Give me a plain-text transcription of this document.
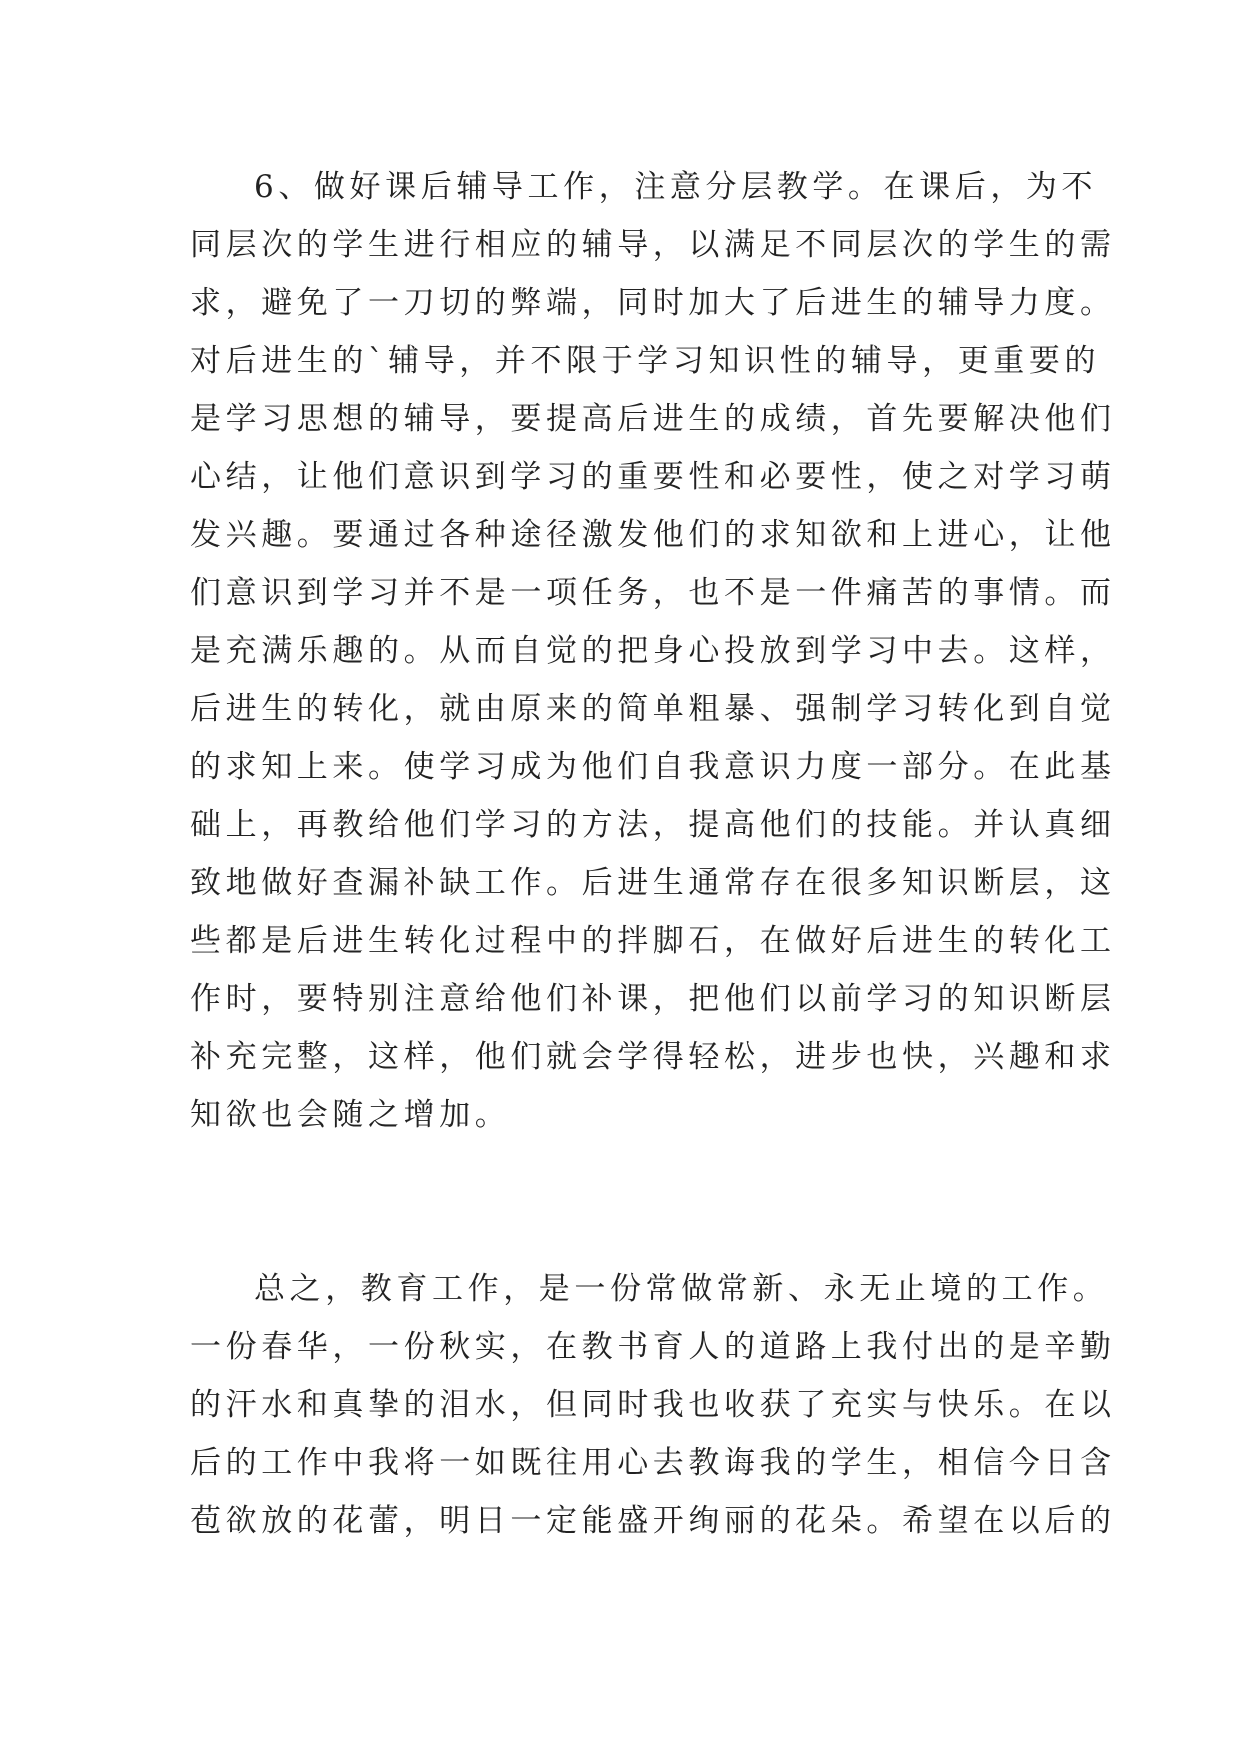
6、做好课后辅导工作，注意分层教学。在课后，为不
同层次的学生进行相应的辅导，以满足不同层次的学生的需
求，避免了一刀切的弊端，同时加大了后进生的辅导力度。
对后进生的`辅导，并不限于学习知识性的辅导，更重要的
是学习思想的辅导，要提高后进生的成绩，首先要解决他们
心结，让他们意识到学习的重要性和必要性，使之对学习萌
发兴趣。要通过各种途径激发他们的求知欲和上进心，让他
们意识到学习并不是一项任务，也不是一件痛苦的事情。而
是充满乐趣的。从而自觉的把身心投放到学习中去。这样，
后进生的转化，就由原来的简单粗暴、强制学习转化到自觉
的求知上来。使学习成为他们自我意识力度一部分。在此基
础上，再教给他们学习的方法，提高他们的技能。并认真细
致地做好查漏补缺工作。后进生通常存在很多知识断层，这
些都是后进生转化过程中的拌脚石，在做好后进生的转化工
作时，要特别注意给他们补课，把他们以前学习的知识断层
补充完整，这样，他们就会学得轻松，进步也快，兴趣和求
知欲也会随之增加。

总之，教育工作，是一份常做常新、永无止境的工作。
一份春华，一份秋实，在教书育人的道路上我付出的是辛勤
的汗水和真挚的泪水，但同时我也收获了充实与快乐。在以
后的工作中我将一如既往用心去教诲我的学生，相信今日含
苞欲放的花蕾，明日一定能盛开绚丽的花朵。希望在以后的
